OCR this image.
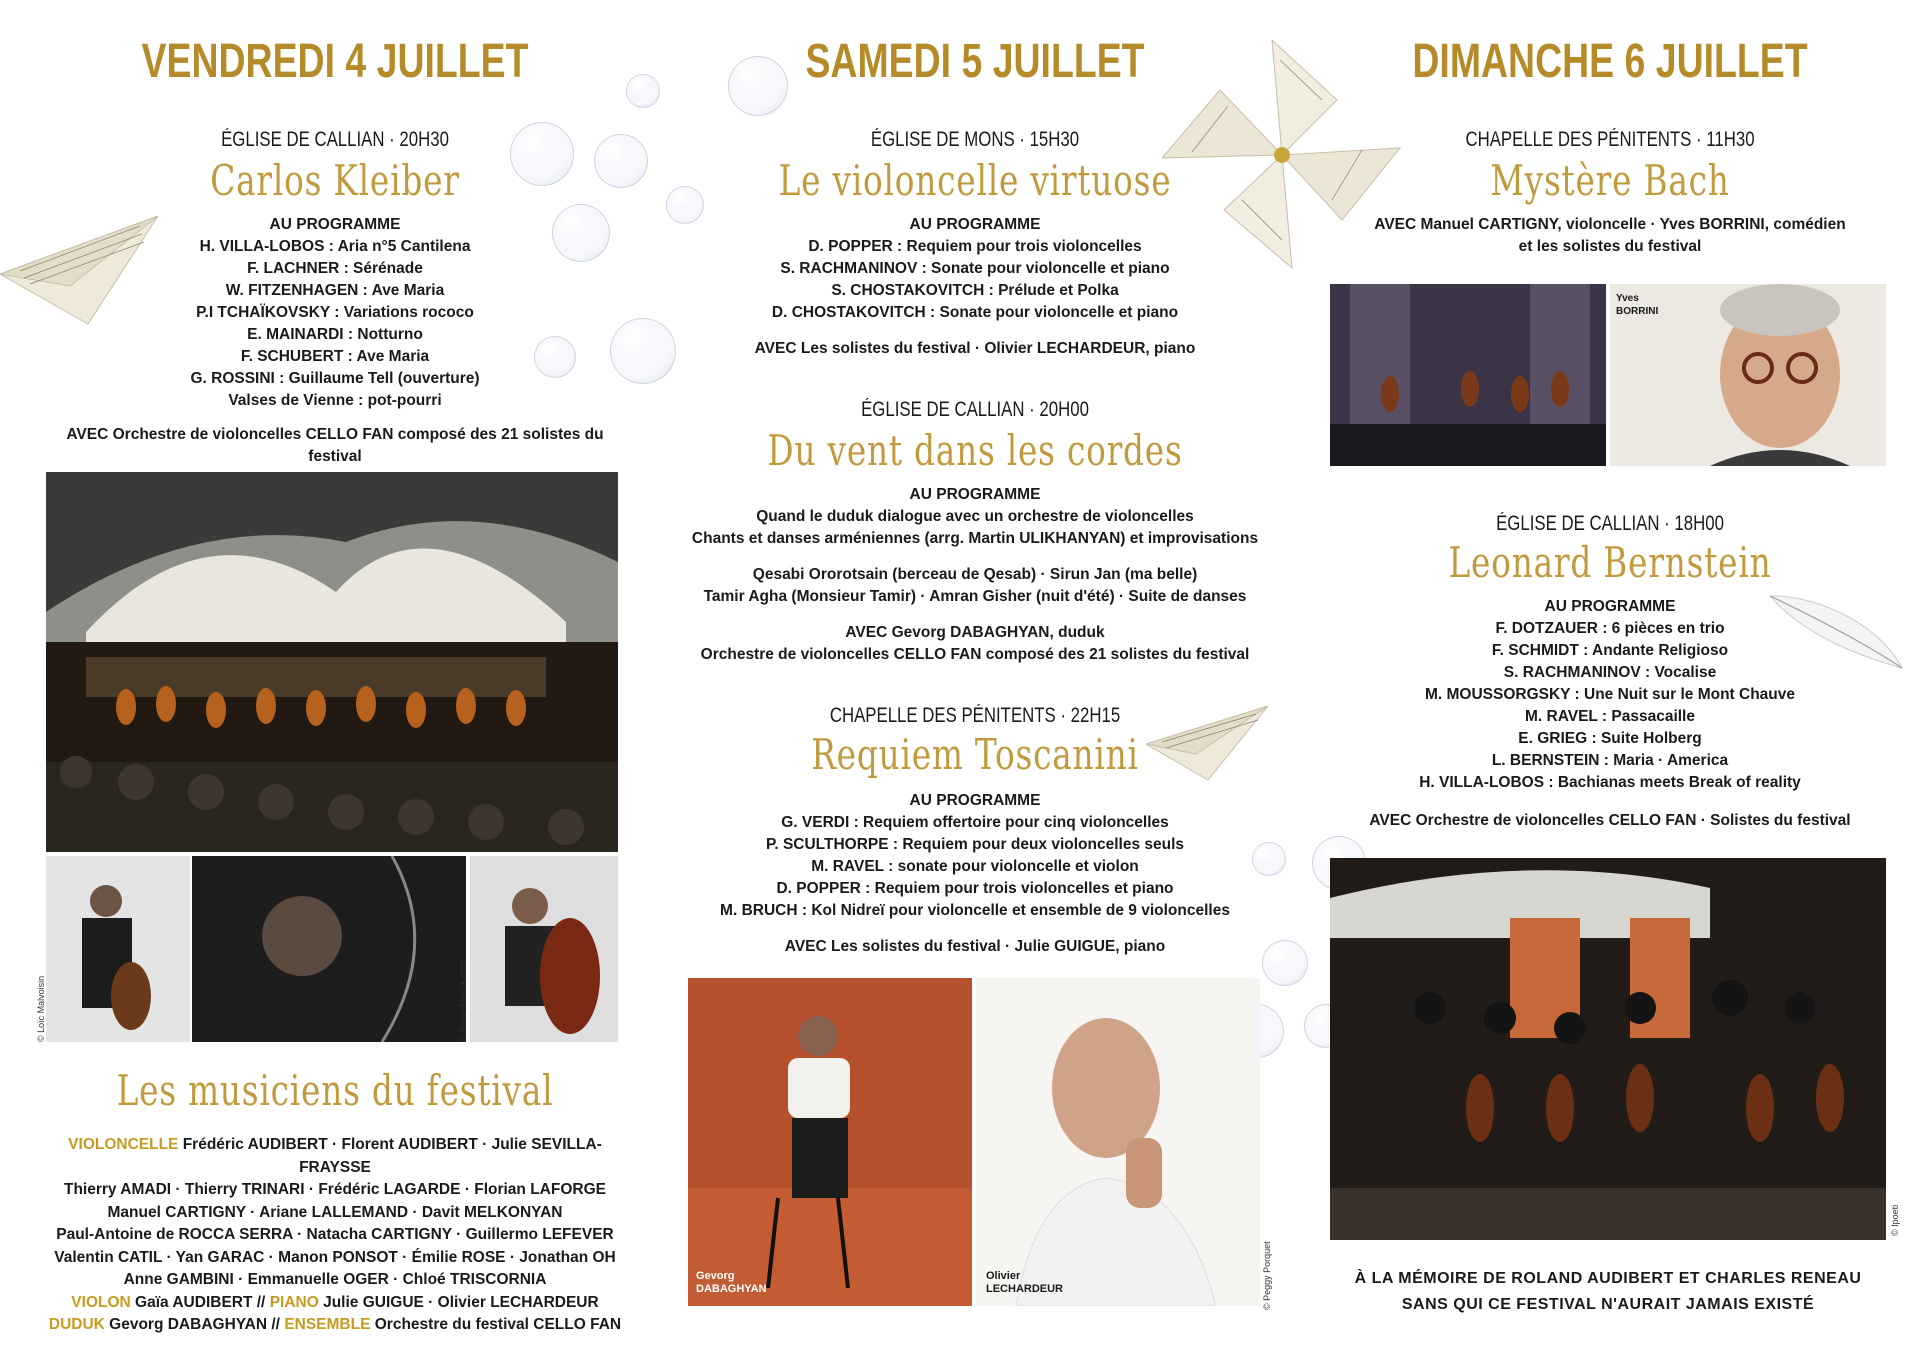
VENDREDI 4 JUILLET
ÉGLISE DE CALLIAN · 20H30
Carlos Kleiber
AU PROGRAMME
H. VILLA-LOBOS : Aria n°5 Cantilena
F. LACHNER : Sérénade
W. FITZENHAGEN : Ave Maria
P.I TCHAÏKOVSKY : Variations rococo
E. MAINARDI : Notturno
F. SCHUBERT : Ave Maria
G. ROSSINI : Guillaume Tell (ouverture)
Valses de Vienne : pot-pourri
AVEC Orchestre de violoncelles CELLO FAN composé des 21 solistes du festival
© Loïc Malvoisin	© Rossi-Franck.com
Les musiciens du festival
VIOLONCELLE Frédéric AUDIBERT · Florent AUDIBERT · Julie SEVILLA-FRAYSSE
Thierry AMADI · Thierry TRINARI · Frédéric LAGARDE · Florian LAFORGE
Manuel CARTIGNY · Ariane LALLEMAND · Davit MELKONYAN
Paul-Antoine de ROCCA SERRA · Natacha CARTIGNY · Guillermo LEFEVER
Valentin CATIL · Yan GARAC · Manon PONSOT · Émilie ROSE · Jonathan OH
Anne GAMBINI · Emmanuelle OGER · Chloé TRISCORNIA
VIOLON Gaïa AUDIBERT // PIANO Julie GUIGUE · Olivier LECHARDEUR
DUDUK Gevorg DABAGHYAN // ENSEMBLE Orchestre du festival CELLO FAN
SAMEDI 5 JUILLET
ÉGLISE DE MONS · 15H30
Le violoncelle virtuose
AU PROGRAMME
D. POPPER : Requiem pour trois violoncelles
S. RACHMANINOV : Sonate pour violoncelle et piano
S. CHOSTAKOVITCH : Prélude et Polka
D. CHOSTAKOVITCH : Sonate pour violoncelle et piano
AVEC Les solistes du festival · Olivier LECHARDEUR, piano
ÉGLISE DE CALLIAN · 20H00
Du vent dans les cordes
AU PROGRAMME
Quand le duduk dialogue avec un orchestre de violoncelles
Chants et danses arméniennes (arrg. Martin ULIKHANYAN) et improvisations
Qesabi Ororotsain (berceau de Qesab) · Sirun Jan (ma belle)
Tamir Agha (Monsieur Tamir) · Amran Gisher (nuit d'été) · Suite de danses
AVEC Gevorg DABAGHYAN, duduk
Orchestre de violoncelles CELLO FAN composé des 21 solistes du festival
CHAPELLE DES PÉNITENTS · 22H15
Requiem Toscanini
AU PROGRAMME
G. VERDI : Requiem offertoire pour cinq violoncelles
P. SCULTHORPE : Requiem pour deux violoncelles seuls
M. RAVEL : sonate pour violoncelle et violon
D. POPPER : Requiem pour trois violoncelles et piano
M. BRUCH : Kol Nidreï pour violoncelle et ensemble de 9 violoncelles
AVEC Les solistes du festival · Julie GUIGUE, piano
Gevorg
DABAGHYAN
Olivier
LECHARDEUR	© Peggy Porquet
DIMANCHE 6 JUILLET
CHAPELLE DES PÉNITENTS · 11H30
Mystère Bach
AVEC Manuel CARTIGNY, violoncelle · Yves BORRINI, comédien
et les solistes du festival
ÉGLISE DE CALLIAN · 18H00
Leonard Bernstein
AU PROGRAMME
F. DOTZAUER : 6 pièces en trio
F. SCHMIDT : Andante Religioso
S. RACHMANINOV : Vocalise
M. MOUSSORGSKY : Une Nuit sur le Mont Chauve
M. RAVEL : Passacaille
E. GRIEG : Suite Holberg
L. BERNSTEIN : Maria · America
H. VILLA-LOBOS : Bachianas meets Break of reality
AVEC Orchestre de violoncelles CELLO FAN · Solistes du festival
Yves
BORRINI
© Ipoeti
À LA MÉMOIRE DE ROLAND AUDIBERT ET CHARLES RENEAU
SANS QUI CE FESTIVAL N'AURAIT JAMAIS EXISTÉ
